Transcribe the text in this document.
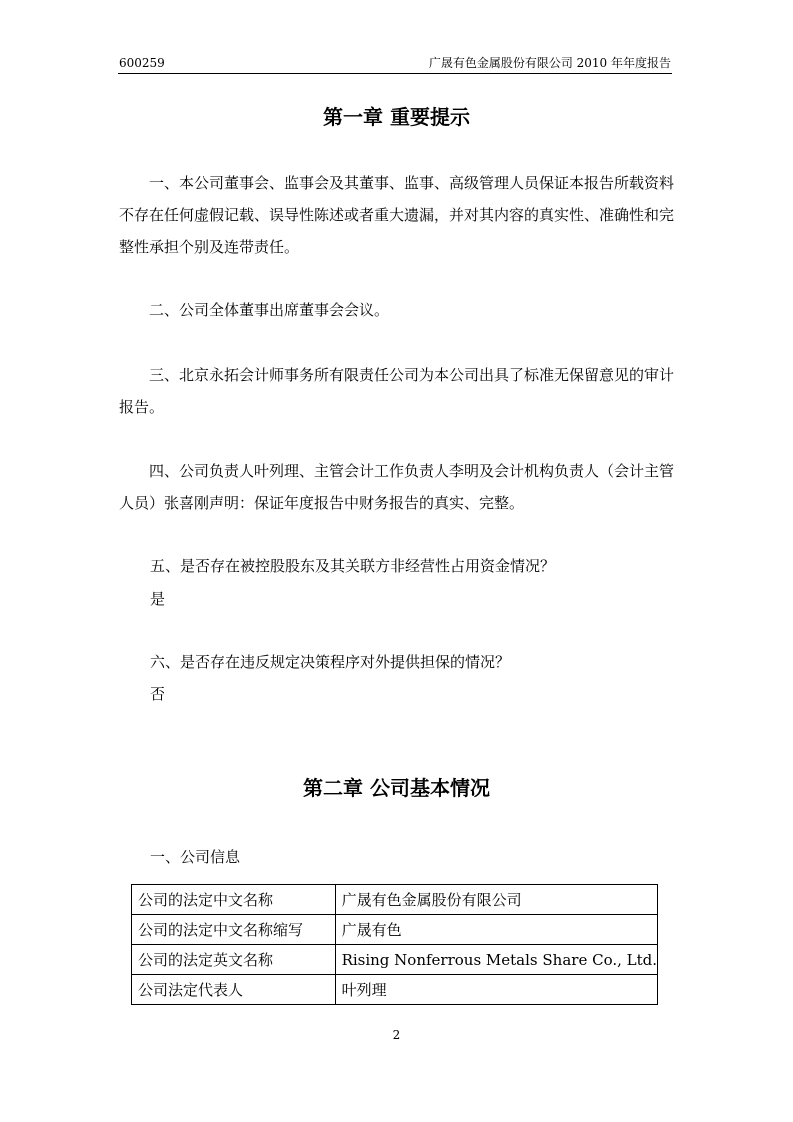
600259	广晟有色金属股份有限公司 2010 年年度报告
第一章 重要提示

一、本公司董事会、监事会及其董事、监事、高级管理人员保证本报告所载资料不存在任何虚假记载、误导性陈述或者重大遗漏，并对其内容的真实性、准确性和完整性承担个别及连带责任。

二、公司全体董事出席董事会会议。

三、北京永拓会计师事务所有限责任公司为本公司出具了标准无保留意见的审计报告。

四、公司负责人叶列理、主管会计工作负责人李明及会计机构负责人（会计主管人员）张喜刚声明：保证年度报告中财务报告的真实、完整。

五、是否存在被控股股东及其关联方非经营性占用资金情况？
是
六、是否存在违反规定决策程序对外提供担保的情况？
否
第二章 公司基本情况
一、公司信息
公司的法定中文名称	广晟有色金属股份有限公司
公司的法定中文名称缩写	广晟有色
公司的法定英文名称	Rising Nonferrous Metals Share Co., Ltd.
公司法定代表人	叶列理
2
